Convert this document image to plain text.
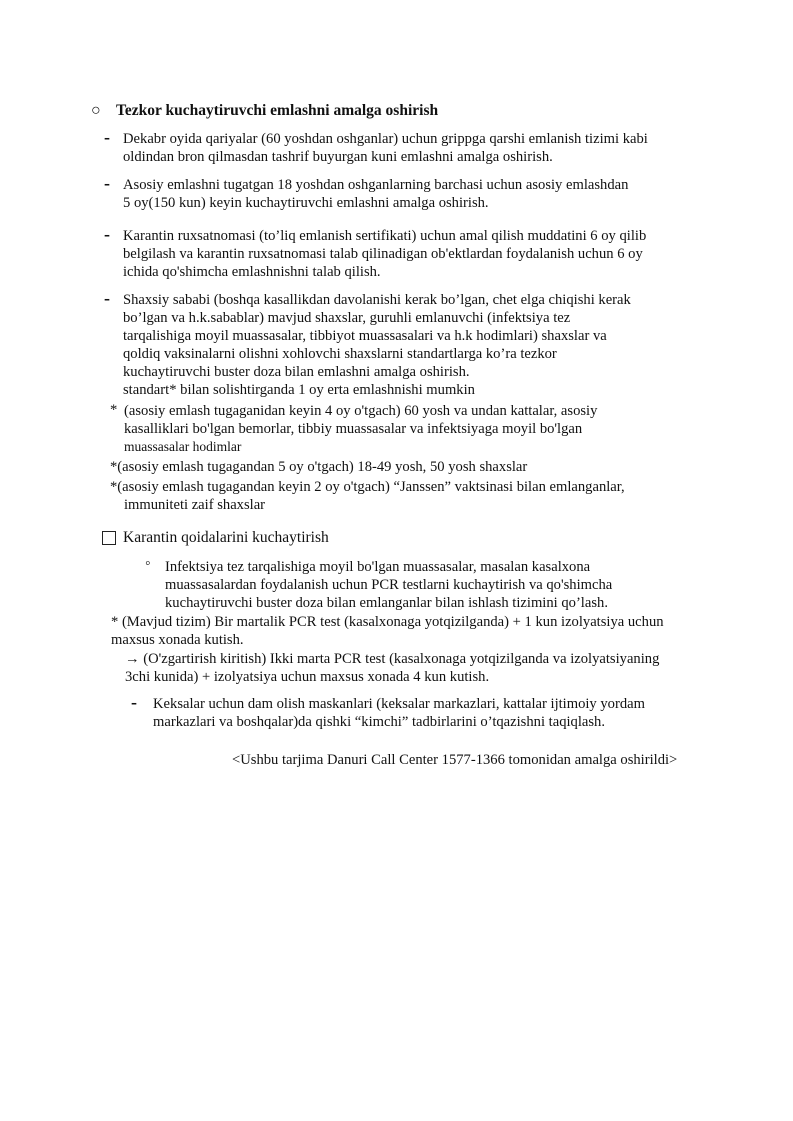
○ Tezkor kuchaytiruvchi emlashni amalga oshirish
- Dekabr oyida qariyalar (60 yoshdan oshganlar) uchun grippga qarshi emlanish tizimi kabi
oldindan bron qilmasdan tashrif buyurgan kuni emlashni amalga oshirish.
- Asosiy emlashni tugatgan 18 yoshdan oshganlarning barchasi uchun asosiy emlashdan
5 oy(150 kun) keyin kuchaytiruvchi emlashni amalga oshirish.
- Karantin ruxsatnomasi (to’liq emlanish sertifikati) uchun amal qilish muddatini 6 oy qilib
belgilash va karantin ruxsatnomasi talab qilinadigan ob'ektlardan foydalanish uchun 6 oy
ichida qo'shimcha emlashnishni talab qilish.
- Shaxsiy sababi (boshqa kasallikdan davolanishi kerak bo’lgan, chet elga chiqishi kerak
bo’lgan va h.k.sabablar) mavjud shaxslar, guruhli emlanuvchi (infektsiya tez
tarqalishiga moyil muassasalar, tibbiyot muassasalari va h.k hodimlari) shaxslar va
qoldiq vaksinalarni olishni xohlovchi shaxslarni standartlarga ko’ra tezkor
kuchaytiruvchi buster doza bilan emlashni amalga oshirish.
standart* bilan solishtirganda 1 oy erta emlashnishi mumkin
* (asosiy emlash tugaganidan keyin 4 oy o'tgach) 60 yosh va undan kattalar, asosiy
kasalliklari bo'lgan bemorlar, tibbiy muassasalar va infektsiyaga moyil bo'lgan
muassasalar hodimlar
*(asosiy emlash tugagandan 5 oy o'tgach) 18-49 yosh, 50 yosh shaxslar
*(asosiy emlash tugagandan keyin 2 oy o'tgach) “Janssen” vaktsinasi bilan emlanganlar,
immuniteti zaif shaxslar
Karantin qoidalarini kuchaytirish
◦ Infektsiya tez tarqalishiga moyil bo'lgan muassasalar, masalan kasalxona
muassasalardan foydalanish uchun PCR testlarni kuchaytirish va qo'shimcha
kuchaytiruvchi buster doza bilan emlanganlar bilan ishlash tizimini qo’lash.
* (Mavjud tizim) Bir martalik PCR test (kasalxonaga yotqizilganda) + 1 kun izolyatsiya uchun
maxsus xonada kutish.
→ (O'zgartirish kiritish) Ikki marta PCR test (kasalxonaga yotqizilganda va izolyatsiyaning
3chi kunida) + izolyatsiya uchun maxsus xonada 4 kun kutish.
- Keksalar uchun dam olish maskanlari (keksalar markazlari, kattalar ijtimoiy yordam
markazlari va boshqalar)da qishki “kimchi” tadbirlarini o’tqazishni taqiqlash.
<Ushbu tarjima Danuri Call Center 1577-1366 tomonidan amalga oshirildi>
